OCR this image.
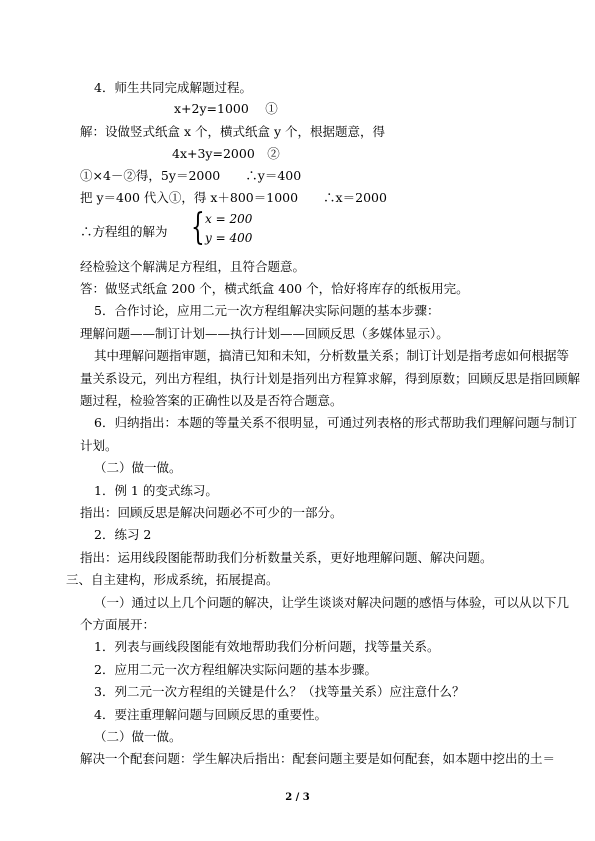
4．师生共同完成解题过程。
x+2y=1000　 ①
解：设做竖式纸盒 x 个，横式纸盒 y 个，根据题意，得
4x+3y=2000　②
①×4－②得，5y＝2000　　∴y＝400
把 y＝400 代入①，得 x＋800＝1000　　∴x＝2000
∴方程组的解为 { x = 200
y = 400
经检验这个解满足方程组，且符合题意。
答：做竖式纸盒 200 个，横式纸盒 400 个，恰好将库存的纸板用完。
5．合作讨论，应用二元一次方程组解决实际问题的基本步骤：
理解问题——制订计划——执行计划——回顾反思（多媒体显示）。
其中理解问题指审题，搞清已知和未知，分析数量关系；制订计划是指考虑如何根据等
量关系设元，列出方程组，执行计划是指列出方程算求解，得到原数；回顾反思是指回顾解
题过程，检验答案的正确性以及是否符合题意。
6．归纳指出：本题的等量关系不很明显，可通过列表格的形式帮助我们理解问题与制订
计划。
（二）做一做。
1．例 1 的变式练习。
指出：回顾反思是解决问题必不可少的一部分。
2．练习 2
指出：运用线段图能帮助我们分析数量关系，更好地理解问题、解决问题。
三、自主建构，形成系统，拓展提高。
（一）通过以上几个问题的解决，让学生谈谈对解决问题的感悟与体验，可以从以下几
个方面展开：
1．列表与画线段图能有效地帮助我们分析问题，找等量关系。
2．应用二元一次方程组解决实际问题的基本步骤。
3．列二元一次方程组的关键是什么？（找等量关系）应注意什么？
4．要注重理解问题与回顾反思的重要性。
（二）做一做。
解决一个配套问题：学生解决后指出：配套问题主要是如何配套，如本题中挖出的土＝
2 / 3
